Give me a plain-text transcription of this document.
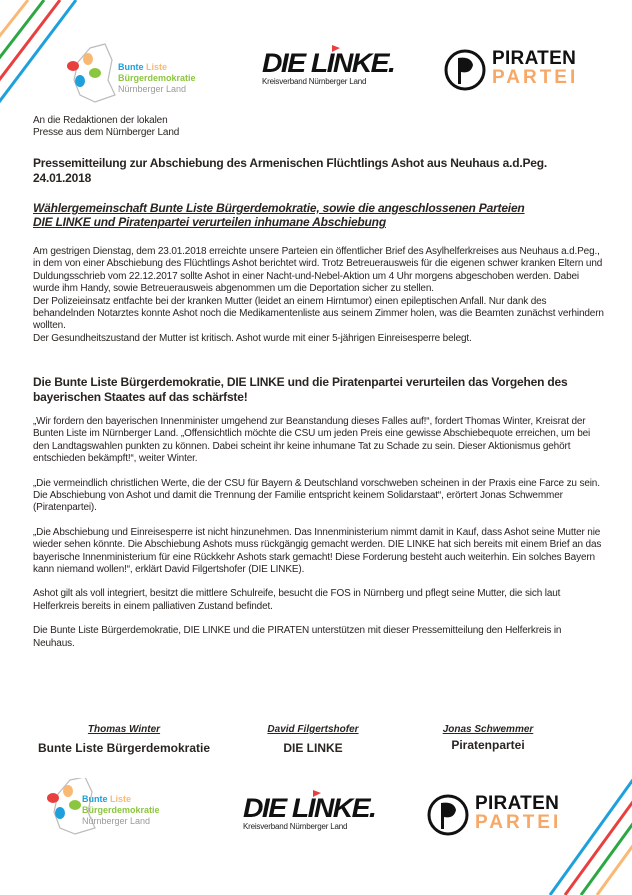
Bunte Liste
Bürgerdemokratie
Nürnberger Land
DIE LINKE.
Kreisverband Nürnberger Land
PIRATEN
PARTEI
An die Redaktionen der lokalen
Presse aus dem Nürnberger Land
Pressemitteilung zur Abschiebung des Armenischen Flüchtlings Ashot aus Neuhaus a.d.Peg.
24.01.2018
Wählergemeinschaft Bunte Liste Bürgerdemokratie, sowie die angeschlossenen Parteien
DIE LINKE und Piratenpartei verurteilen inhumane Abschiebung

Am gestrigen Dienstag, dem 23.01.2018 erreichte unsere Parteien ein öffentlicher Brief des Asylhelferkreises aus Neuhaus a.d.Peg., in dem von einer Abschiebung des Flüchtlings Ashot berichtet wird. Trotz Betreuerausweis für die eigenen schwer kranken Eltern und Duldungsschrieb vom 22.12.2017 sollte Ashot in einer Nacht-und-Nebel-Aktion um 4 Uhr morgens abgeschoben werden. Dabei wurde ihm Handy, sowie Betreuerausweis abgenommen um die Deportation sicher zu stellen.

Der Polizeieinsatz entfachte bei der kranken Mutter (leidet an einem Hirntumor) einen epileptischen Anfall. Nur dank des behandelnden Notarztes konnte Ashot noch die Medikamentenliste aus seinem Zimmer holen, was die Beamten zunächst verhindern wollten.

Der Gesundheitszustand der Mutter ist kritisch. Ashot wurde mit einer 5-jährigen Einreisesperre belegt.

Die Bunte Liste Bürgerdemokratie, DIE LINKE und die Piratenpartei verurteilen das Vorgehen des bayerischen Staates auf das schärfste!

„Wir fordern den bayerischen Innenminister umgehend zur Beanstandung dieses Falles auf!“, fordert Thomas Winter, Kreisrat der Bunten Liste im Nürnberger Land. „Offensichtlich möchte die CSU um jeden Preis eine gewisse Abschiebequote erreichen, um bei den Landtagswahlen punkten zu können. Dabei scheint ihr keine inhumane Tat zu Schade zu sein. Dieser Aktionismus gehört entschieden bekämpft!“, weiter Winter.

„Die vermeindlich christlichen Werte, die der CSU für Bayern & Deutschland vorschweben scheinen in der Praxis eine Farce zu sein. Die Abschiebung von Ashot und damit die Trennung der Familie entspricht keinem Solidarstaat“, erörtert Jonas Schwemmer (Piratenpartei).

„Die Abschiebung und Einreisesperre ist nicht hinzunehmen. Das Innenministerium nimmt damit in Kauf, dass Ashot seine Mutter nie wieder sehen könnte. Die Abschiebung Ashots muss rückgängig gemacht werden. DIE LINKE hat sich bereits mit einem Brief an das bayerische Innenministerium für eine Rückkehr Ashots stark gemacht! Diese Forderung besteht auch weiterhin. Ein solches Bayern kann niemand wollen!“, erklärt David Filgertshofer (DIE LINKE).

Ashot gilt als voll integriert, besitzt die mittlere Schulreife, besucht die FOS in Nürnberg und pflegt seine Mutter, die sich laut Helferkreis bereits in einem palliativen Zustand befindet.

Die Bunte Liste Bürgerdemokratie, DIE LINKE und die PIRATEN unterstützen mit dieser Pressemitteilung den Helferkreis in Neuhaus.

Thomas Winter
Bunte Liste Bürgerdemokratie
David Filgertshofer
DIE LINKE
Jonas Schwemmer
Piratenpartei
Bunte Liste
Bürgerdemokratie
Nürnberger Land	DIE LINKE.
Kreisverband Nürnberger Land
PIRATEN
PARTEI
